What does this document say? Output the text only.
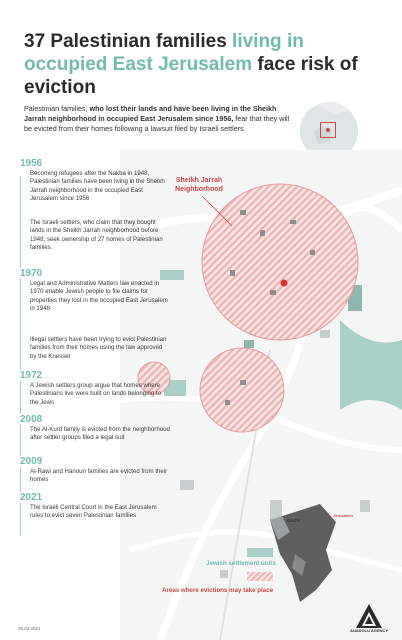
37 Palestinian families living in occupied East Jerusalem face risk of eviction
Palestinian families, who lost their lands and have been living in the Sheikh Jarrah neighborhood in occupied East Jerusalem since 1956, fear that they will be evicted from their homes following a lawsuit filed by Israeli settlers
Sheikh Jarrah
Neighborhood
1956
Becoming refugees after the Nakba in 1948, Palestinian families have been living in the Sheikh Jarrah neighborhood in the occupied East Jerusalem since 1956
The Israeli settlers, who claim that they bought lands in the Sheikh Jarrah neighborhood before 1948, seek ownership of 27 homes of Palestinian families.
1970
Legal and Administrative Matters law enacted in 1970 enable Jewish people to file claims for properties they lost in the occupied East Jerusalem in 1948
Illegal settlers have been trying to evict Palestinian families from their homes using the law approved by the Knesset
1972
A Jewish settlers group argue that homes where Palestinians live were built on lands belonging to the Jews
2008
The Al-Kurd family is evicted from the neighborhood after settler groups filed a legal suit
2009
Al-Rawi and Hanoun families are evicted from their homes
2021
The Israeli Central Court in the East Jerusalem rules to evict seven Palestinian families
GAZA
Jerusalem
Jewish settlement units
Areas where evictions may take place
26.03.2021	ANADOLU AGENCY
